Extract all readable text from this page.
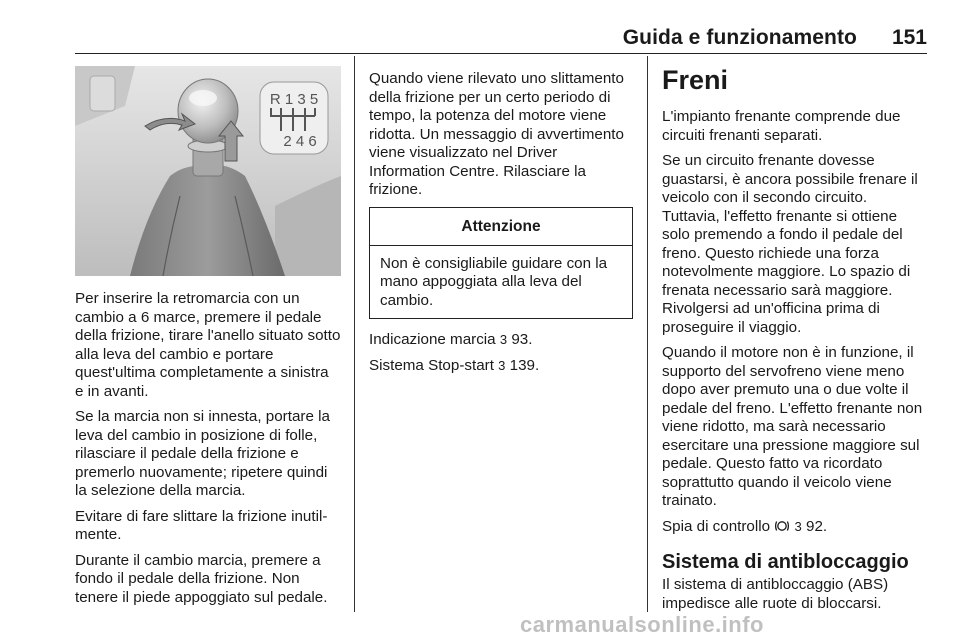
Guida e funzionamento 151
R 1 3 5
2 4 6

Per inserire la retromarcia con un cambio a 6 marce, premere il pedale della frizione, tirare l'anello situato sotto alla leva del cambio e portare quest'ultima completamente a sinistra e in avanti.

Se la marcia non si innesta, portare la leva del cambio in posizione di folle, rilasciare il pedale della frizione e premerlo nuovamente; ripetere quindi la selezione della marcia.

Evitare di fare slittare la frizione inutilmente.

Durante il cambio marcia, premere a fondo il pedale della frizione. Non tenere il piede appoggiato sul pedale.

Quando viene rilevato uno slittamento della frizione per un certo periodo di tempo, la potenza del motore viene ridotta. Un messaggio di avvertimento viene visualizzato nel Driver Information Centre. Rilasciare la frizione.

Attenzione
Non è consigliabile guidare con la mano appoggiata alla leva del cambio.

Indicazione marcia 3 93.

Sistema Stop-start 3 139.

Freni

L'impianto frenante comprende due circuiti frenanti separati.

Se un circuito frenante dovesse guastarsi, è ancora possibile frenare il veicolo con il secondo circuito. Tuttavia, l'effetto frenante si ottiene solo premendo a fondo il pedale del freno. Questo richiede una forza notevolmente maggiore. Lo spazio di frenata necessario sarà maggiore. Rivolgersi ad un'officina prima di proseguire il viaggio.

Quando il motore non è in funzione, il supporto del servofreno viene meno dopo aver premuto una o due volte il pedale del freno. L'effetto frenante non viene ridotto, ma sarà necessario esercitare una pressione maggiore sul pedale. Questo fatto va ricordato soprattutto quando il veicolo viene trainato.

Spia di controllo 3 92.

Sistema di antibloccaggio

Il sistema di antibloccaggio (ABS) impedisce alle ruote di bloccarsi.

carmanualsonline.info
